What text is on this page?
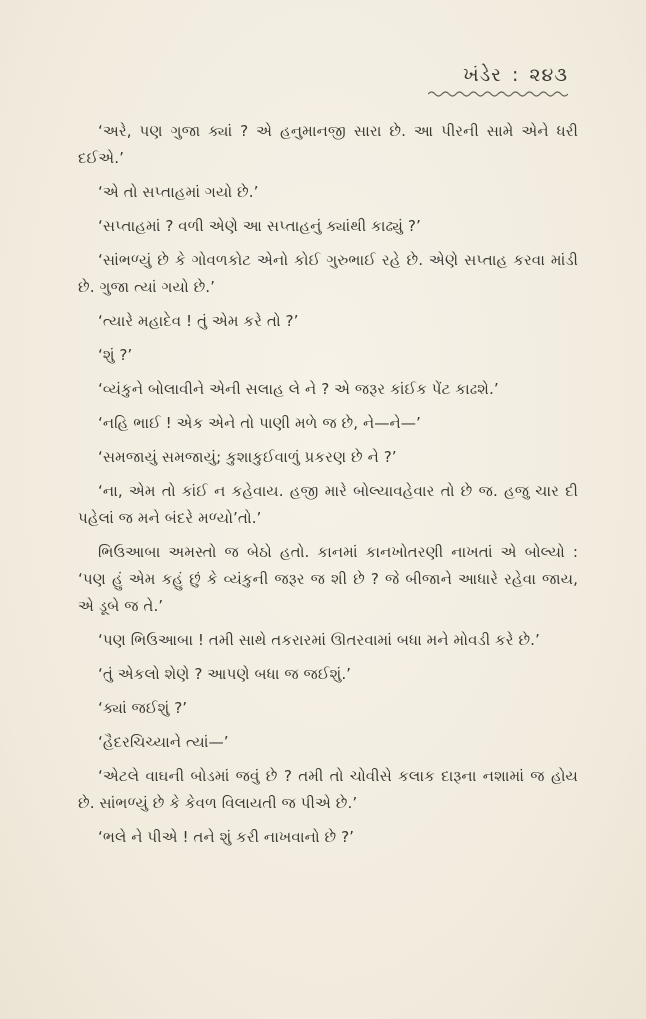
ખંડેર : ૨૪૩

‘અરે, પણ ગુજા ક્યાં ? એ હનુમાનજી સારા છે. આ પીરની સામે એને ધરી દઈએ.’

‘એ તો સપ્તાહમાં ગયો છે.’

‘સપ્તાહમાં ? વળી એણે આ સપ્તાહનું ક્યાંથી કાઢ્યું ?’

‘સાંભળ્યું છે કે ગોવળકોટ એનો કોઈ ગુરુભાઈ રહે છે. એણે સપ્તાહ કરવા માંડી છે. ગુજા ત્યાં ગયો છે.’

‘ત્યારે મહાદેવ ! તું એમ કરે તો ?’

‘શું ?’

‘વ્યંકુને બોલાવીને એની સલાહ લે ને ? એ જરૂર કાંઈક પેંટ કાઢશે.’

‘નહિ ભાઈ ! એક એને તો પાણી મળે જ છે, ને—ને—’

‘સમજાયું સમજાયું; કુશાકુઈવાળું પ્રકરણ છે ને ?’

‘ના, એમ તો કાંઈ ન કહેવાય. હજી મારે બોલ્યાવહેવાર તો છે જ. હજુ ચાર દી પહેલાં જ મને બંદરે મળ્યો’તો.’

ભિઉઆબા અમસ્તો જ બેઠો હતો. કાનમાં કાનખોતરણી નાખતાં એ બોલ્યો : ‘પણ હું એમ કહું છું કે વ્યંકુની જરૂર જ શી છે ? જે બીજાને આધારે રહેવા જાય, એ ડૂબે જ તે.’

‘પણ ભિઉઆબા ! તમી સાથે તકરારમાં ઊતરવામાં બધા મને મોવડી કરે છે.’

‘તું એકલો શેણે ? આપણે બધા જ જઈશું.’

‘ક્યાં જઈશું ?’

‘હૈદરચિચ્યાને ત્યાં—’

‘એટલે વાઘની બોડમાં જવું છે ? તમી તો ચોવીસે કલાક દારૂના નશામાં જ હોય છે. સાંભળ્યું છે કે કેવળ વિલાયતી જ પીએ છે.’

‘ભલે ને પીએ ! તને શું કરી નાખવાનો છે ?’
